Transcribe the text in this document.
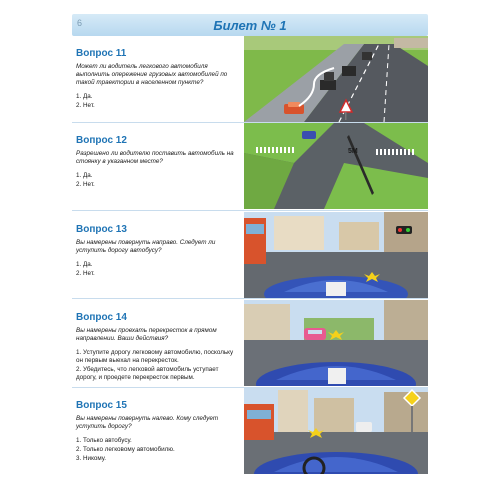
6	Билет № 1
Вопрос 11
Может ли водитель легкового автомобиля выполнить опережение грузовых автомобилей по такой траектории в населенном пункте?
1. Да.
2. Нет.
Вопрос 12
Разрешено ли водителю поставить автомобиль на стоянку в указанном месте?
1. Да.
2. Нет.
5М
Вопрос 13
Вы намерены повернуть направо. Следует ли уступить дорогу автобусу?
1. Да.
2. Нет.
Вопрос 14
Вы намерены проехать перекресток в прямом направлении. Ваши действия?
1. Уступите дорогу легковому автомобилю, поскольку он первым выехал на перекресток.
2. Убедитесь, что легковой автомобиль уступает дорогу, и проедете перекресток первым.
Вопрос 15
Вы намерены повернуть налево. Кому следует уступить дорогу?
1. Только автобусу.
2. Только легковому автомобилю.
3. Никому.
